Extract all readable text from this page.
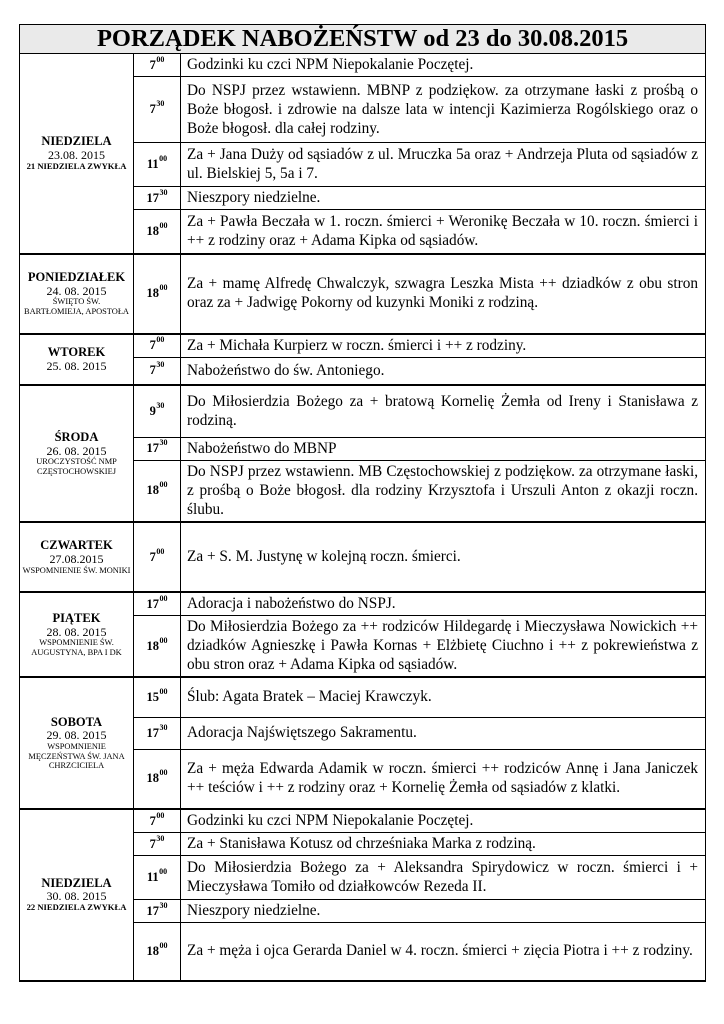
PORZĄDEK NABOŻEŃSTW od 23 do 30.08.2015		

NIEDZIELA
23.08. 2015
21 NIEDZIELA ZWYKŁA	$7^{00}$	Godzinki ku czci NPM Niepokalanie Poczętej.
	$7^{30}$	Do NSPJ przez wstawienn. MBNP z podziękow. za otrzymane łaski z prośbą o Boże błogosł. i zdrowie na dalsze lata w intencji Kazimierza Rogólskiego oraz o Boże błogosł. dla całej rodziny.
	$11^{00}$	Za + Jana Duży od sąsiadów z ul. Mruczka 5a oraz + Andrzeja Pluta od sąsiadów z ul. Bielskiej 5, 5a i 7.
	$17^{30}$	Nieszpory niedzielne.
	$18^{00}$	Za + Pawła Beczała w 1. roczn. śmierci + Weronikę Beczała w 10. roczn. śmierci i ++ z rodziny oraz + Adama Kipka od sąsiadów.

PONIEDZIAŁEK
24. 08. 2015
ŚWIĘTO ŚW. BARTŁOMIEJA, APOSTOŁA	$18^{00}$	Za + mamę Alfredę Chwalczyk, szwagra Leszka Mista ++ dziadków z obu stron oraz za + Jadwigę Pokorny od kuzynki Moniki z rodziną.

WTOREK
25. 08. 2015	$7^{00}$	Za + Michała Kurpierz w roczn. śmierci i ++ z rodziny.
	$7^{30}$	Nabożeństwo do św. Antoniego.

ŚRODA
26. 08. 2015
UROCZYSTOŚĆ NMP CZĘSTOCHOWSKIEJ	$9^{30}$	Do Miłosierdzia Bożego za + bratową Kornelię Żemła od Ireny i Stanisława z rodziną.
	$17^{30}$	Nabożeństwo do MBNP
	$18^{00}$	Do NSPJ przez wstawienn. MB Częstochowskiej z podziękow. za otrzymane łaski, z prośbą o Boże błogosł. dla rodziny Krzysztofa i Urszuli Anton z okazji roczn. ślubu.

CZWARTEK
27.08.2015
WSPOMNIENIE ŚW. MONIKI	$7^{00}$	Za + S. M. Justynę w kolejną roczn. śmierci.

PIĄTEK
28. 08. 2015
WSPOMNIENIE ŚW. AUGUSTYNA, BPA I DK	$17^{00}$	Adoracja i nabożeństwo do NSPJ.
	$18^{00}$	Do Miłosierdzia Bożego za ++ rodziców Hildegardę i Mieczysława Nowickich ++ dziadków Agnieszkę i Pawła Kornas + Elżbietę Ciuchno i ++ z pokrewieństwa z obu stron oraz + Adama Kipka od sąsiadów.

SOBOTA
29. 08. 2015
WSPOMNIENIE MĘCZEŃSTWA ŚW. JANA CHRZCICIELA	$15^{00}$	Ślub: Agata Bratek – Maciej Krawczyk.
	$17^{30}$	Adoracja Najświętszego Sakramentu.
	$18^{00}$	Za + męża Edwarda Adamik w roczn. śmierci ++ rodziców Annę i Jana Janiczek ++ teściów i ++ z rodziny oraz + Kornelię Żemła od sąsiadów z klatki.

NIEDZIELA
30. 08. 2015
22 NIEDZIELA ZWYKŁA	$7^{00}$	Godzinki ku czci NPM Niepokalanie Poczętej.
	$7^{30}$	Za + Stanisława Kotusz od chrześniaka Marka z rodziną.
	$11^{00}$	Do Miłosierdzia Bożego za + Aleksandra Spirydowicz w roczn. śmierci i + Mieczysława Tomiło od działkowców Rezeda II.
	$17^{30}$	Nieszpory niedzielne.
	$18^{00}$	Za + męża i ojca Gerarda Daniel w 4. roczn. śmierci + zięcia Piotra i ++ z rodziny.
